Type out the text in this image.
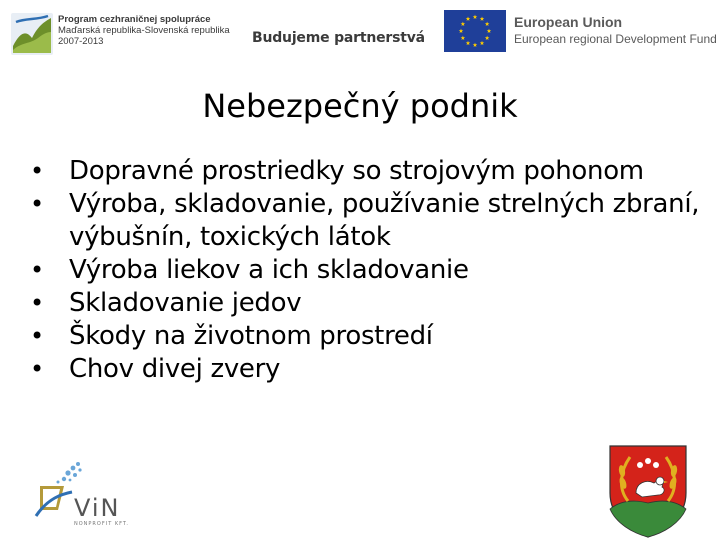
Program cezhraničnej spolupráce
Maďarská republika-Slovenská republika
2007-2013	Budujeme partnerstvá
European Union
European regional Development Fund
Nebezpečný podnik
• Dopravné prostriedky so strojovým pohonom
• Výroba, skladovanie, používanie strelných zbraní, výbušnín, toxických látok
• Výroba liekov a ich skladovanie
• Skladovanie jedov
• Škody na životnom prostredí
• Chov divej zvery
ViN
NONPROFIT KFT.
